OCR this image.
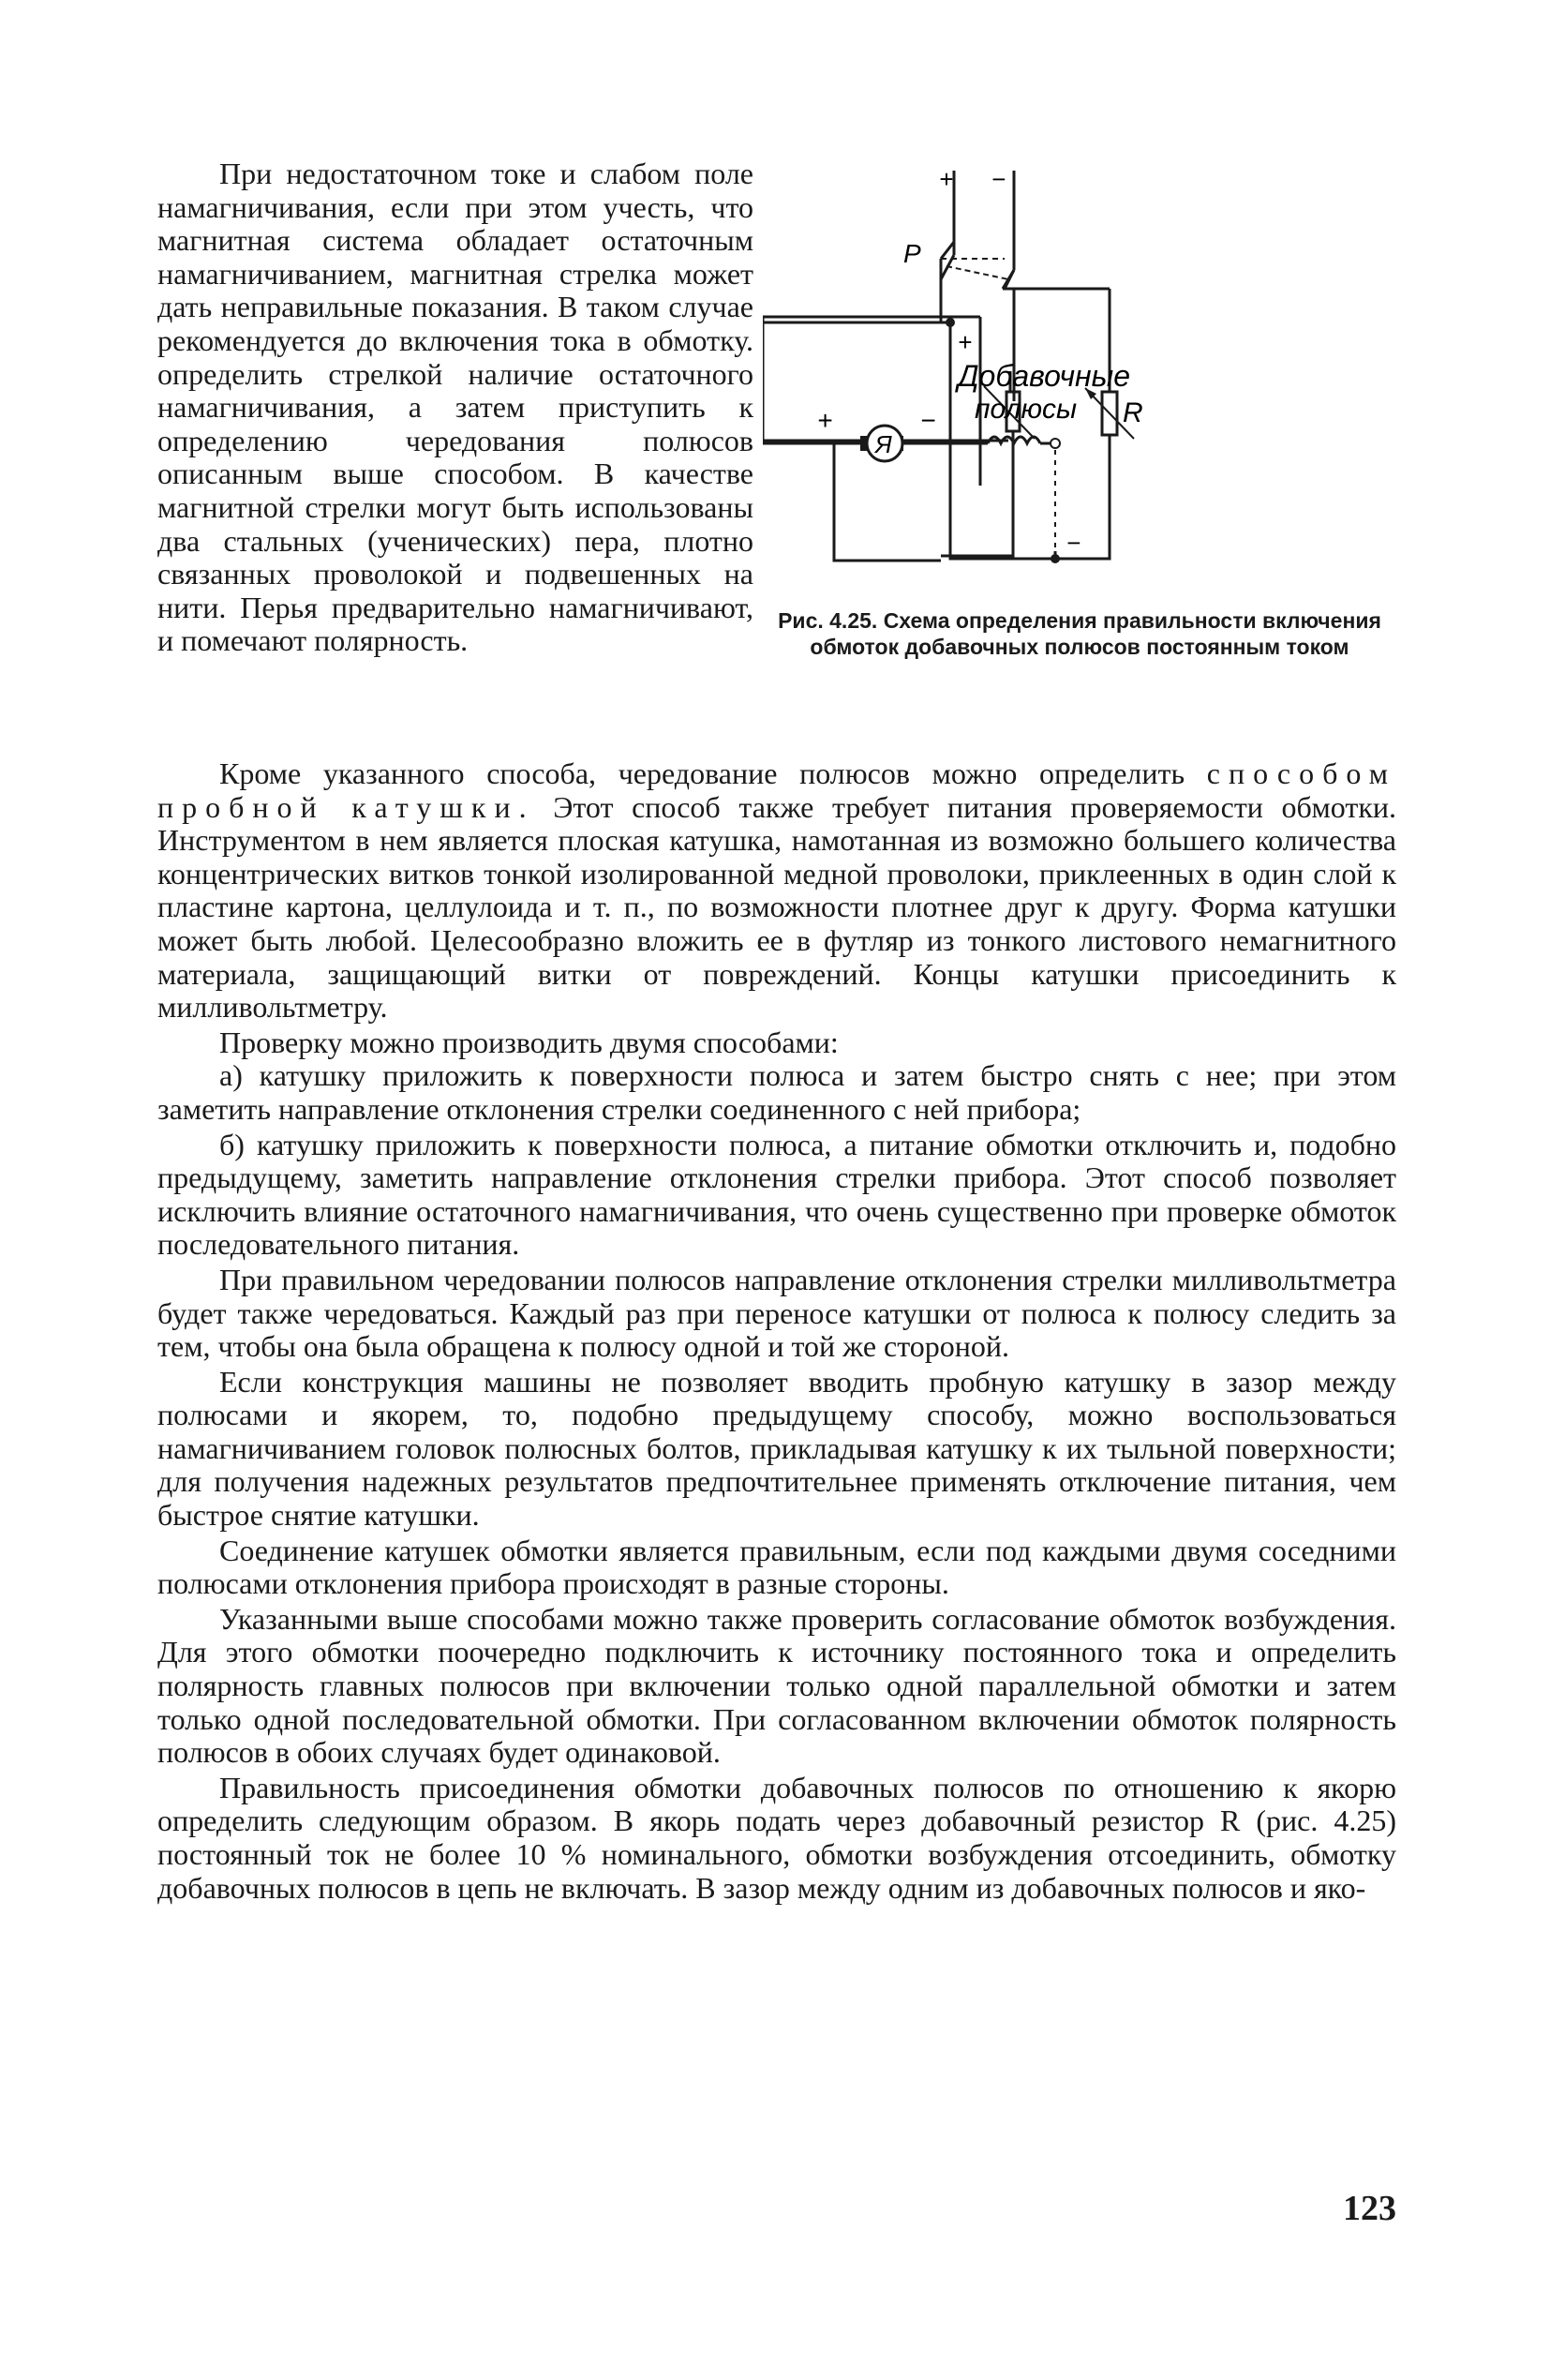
При недостаточном токе и слабом поле намагничивания, если при этом учесть, что магнитная система обладает остаточным намагничиванием, магнитная стрелка может дать неправильные показания. В таком случае рекомендуется до включения тока в обмотку. определить стрелкой наличие остаточного намагничивания, а затем приступить к определению чередования полюсов описанным выше способом. В качестве магнитной стрелки могут быть использованы два стальных (ученических) пера, плотно связанных проволокой и подвешенных на нити. Перья предварительно намагничивают, и помечают полярность.

+ −
P
+
Добавочные
полюсы R
+
Я
−
−

Рис. 4.25. Схема определения правильности включения обмоток добавочных полюсов постоянным током

Кроме указанного способа, чередование полюсов можно определить способом пробной катушки. Этот способ также требует питания проверяемости обмотки. Инструментом в нем является плоская катушка, намотанная из возможно большего количества концентрических витков тонкой изолированной медной проволоки, приклеенных в один слой к пластине картона, целлулоида и т. п., по возможности плотнее друг к другу. Форма катушки может быть любой. Целесообразно вложить ее в футляр из тонкого листового немагнитного материала, защищающий витки от повреждений. Концы катушки присоединить к милливольтметру.

Проверку можно производить двумя способами:

а) катушку приложить к поверхности полюса и затем быстро снять с нее; при этом заметить направление отклонения стрелки соединенного с ней прибора;

б) катушку приложить к поверхности полюса, а питание обмотки отключить и, подобно предыдущему, заметить направление отклонения стрелки прибора. Этот способ позволяет исключить влияние остаточного намагничивания, что очень существенно при проверке обмоток последовательного питания.

При правильном чередовании полюсов направление отклонения стрелки милливольтметра будет также чередоваться. Каждый раз при переносе катушки от полюса к полюсу следить за тем, чтобы она была обращена к полюсу одной и той же стороной.

Если конструкция машины не позволяет вводить пробную катушку в зазор между полюсами и якорем, то, подобно предыдущему способу, можно воспользоваться намагничиванием головок полюсных болтов, прикладывая катушку к их тыльной поверхности; для получения надежных результатов предпочтительнее применять отключение питания, чем быстрое снятие катушки.

Соединение катушек обмотки является правильным, если под каждыми двумя соседними полюсами отклонения прибора происходят в разные стороны.

Указанными выше способами можно также проверить согласование обмоток возбуждения. Для этого обмотки поочередно подключить к источнику постоянного тока и определить полярность главных полюсов при включении только одной параллельной обмотки и затем только одной последовательной обмотки. При согласованном включении обмоток полярность полюсов в обоих случаях будет одинаковой.

Правильность присоединения обмотки добавочных полюсов по отношению к якорю определить следующим образом. В якорь подать через добавочный резистор R (рис. 4.25) постоянный ток не более 10 % номинального, обмотки возбуждения отсоединить, обмотку добавочных полюсов в цепь не включать. В зазор между одним из добавочных полюсов и яко-

123
